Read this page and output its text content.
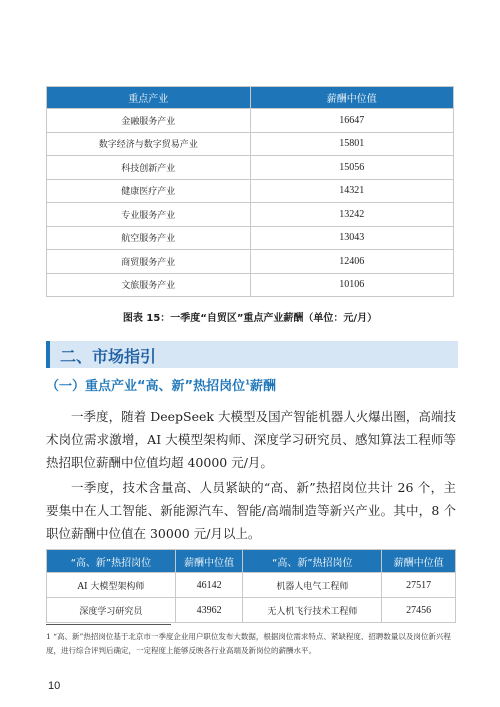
重点产业	薪酬中位值
金融服务产业	16647
数字经济与数字贸易产业	15801
科技创新产业	15056
健康医疗产业	14321
专业服务产业	13242
航空服务产业	13043
商贸服务产业	12406
文旅服务产业	10106
图表 15：一季度“自贸区”重点产业薪酬（单位：元/月）
二、市场指引
（一）重点产业“高、新”热招岗位$^1$薪酬

一季度，随着 DeepSeek 大模型及国产智能机器人火爆出圈，高端技术岗位需求激增，AI 大模型架构师、深度学习研究员、感知算法工程师等热招职位薪酬中位值均超 40000 元/月。

一季度，技术含量高、人员紧缺的“高、新”热招岗位共计 26 个，主要集中在人工智能、新能源汽车、智能/高端制造等新兴产业。其中，8 个职位薪酬中位值在 30000 元/月以上。

“高、新”热招岗位	薪酬中位值	“高、新”热招岗位	薪酬中位值
AI 大模型架构师	46142	机器人电气工程师	27517
深度学习研究员	43962	无人机飞行技术工程师	27456
1 “高、新”热招岗位基于北京市一季度企业用户职位发布大数据，根据岗位需求特点、紧缺程度、招聘数量以及岗位新兴程度，进行综合评判后确定，一定程度上能够反映各行业高端及新岗位的薪酬水平。
10
